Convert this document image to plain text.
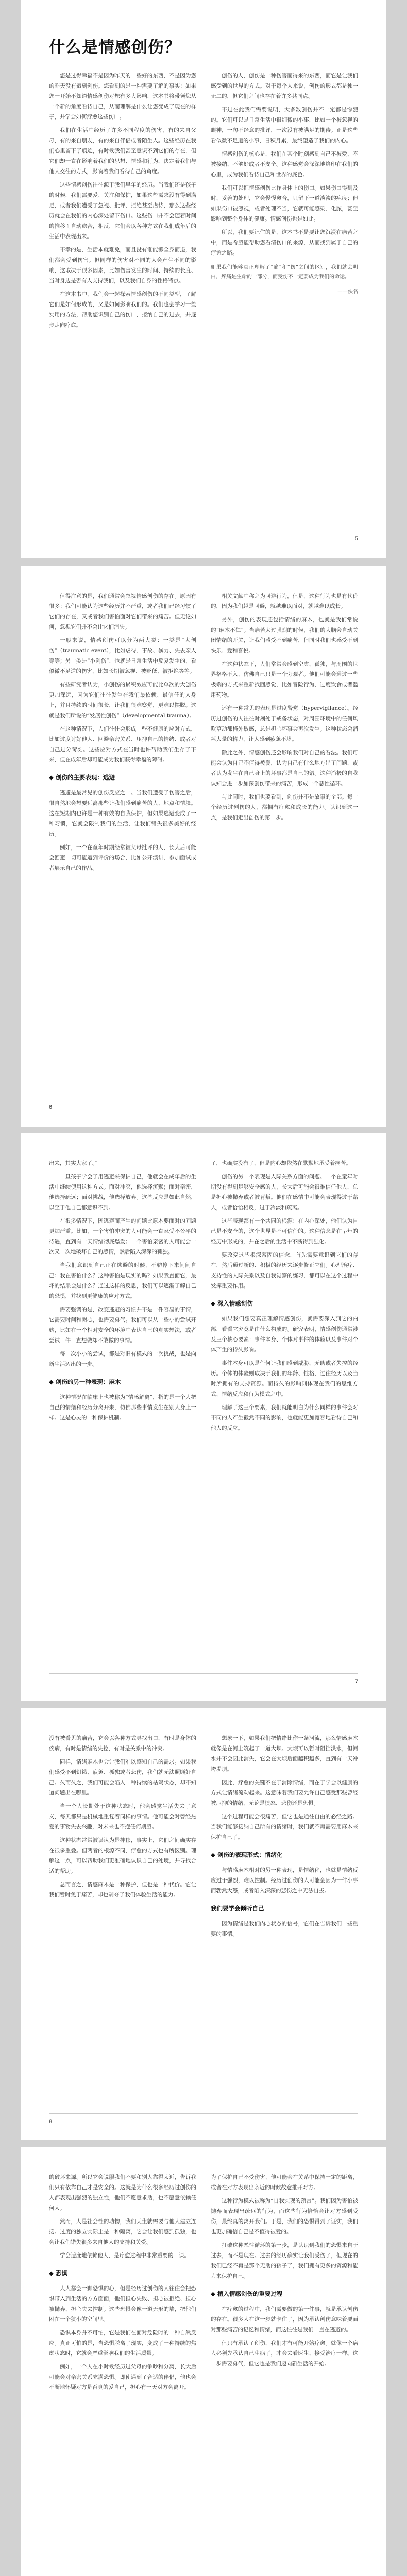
什么是情感创伤？

您是过得幸福不是因为昨天的一些好的东西，不是因为您的昨天没有遭到创伤。您看到的是一种需要了解的事实：如果您一开始不知道情感创伤对您有多大影响，这本书将带领您从一个新的角度看待自己，从而理解是什么让您变成了现在的样子，并学会如何疗愈这些伤口。

我们在生活中经历了许多不同程度的伤害，有的来自父母，有的来自朋友，有的来自伴侣或者陌生人。这些经历在我们心里留下了痕迹，有时候我们甚至意识不到它们的存在，但它们却一直在影响着我们的思想、情感和行为，决定着我们与他人交往的方式，影响着我们看待自己的角度。

这些情感创伤往往源于我们早年的经历。当我们还是孩子的时候，我们需要爱、关注和保护，如果这些需求没有得到满足，或者我们遭受了忽视、批评、拒绝甚至虐待，那么这些经历就会在我们的内心深处留下伤口。这些伤口并不会随着时间的推移而自动愈合，相反，它们会以各种方式在我们成年后的生活中表现出来。

不幸的是，生活本就难免，而且没有谁能够全身而退，我们都会受到伤害。但同样的伤害对不同的人会产生不同的影响，这取决于很多因素，比如伤害发生的时间、持续的长度、当时身边是否有人支持我们，以及我们自身的性格特点。

在这本书中，我们会一起探索情感创伤的不同类型，了解它们是如何形成的，又是如何影响我们的。我们也会学习一些实用的方法，帮助您识别自己的伤口，接纳自己的过去，并逐步走向疗愈。

创伤的人，创伤是一种伤害而得来的东西，而它是让我们感受到的世界的方式。对于每个人来说，创伤的形式都是独一无二的，但它们之间也存在着许多共同点。

不过在此我们需要说明，大多数创伤并不一定都是惨烈的。它们可以是日常生活中很细微的小事，比如一个被忽视的眼神，一句不经意的批评，一次没有被满足的期待。正是这些看似微不足道的小事，日积月累，最终塑造了我们的内心。

情感创伤的核心是，我们在某个时刻感到自己不被爱、不被接纳、不够好或者不安全。这种感觉会深深地烙印在我们的心里，成为我们看待自己和世界的底色。

我们可以把情感创伤比作身体上的伤口。如果伤口得到及时、妥善的处理，它会慢慢愈合，只留下一道淡淡的疤痕；但如果伤口被忽视，或者处理不当，它就可能感染、化脓，甚至影响到整个身体的健康。情感创伤也是如此。

所以，我们要记住的是，这本书不是要让您沉浸在痛苦之中，而是希望能帮助您看清伤口的来源，从而找到属于自己的疗愈之路。

如果我们能够真正理解了“痛”和“伤”之间的区别，我们就会明白，疼痛是生命的一部分，而受伤不一定要成为我们的命运。
——佚名
5

值得注意的是，我们通常会忽视情感创伤的存在。原因有很多：我们可能认为这些经历并不严重，或者我们已经习惯了它们的存在，又或者我们害怕面对它们带来的痛苦。但无论如何，忽视它们并不会让它们消失。

一般来说，情感创伤可以分为两大类：一类是“大创伤”（traumatic event），比如虐待、事故、暴力、失去亲人等等；另一类是“小创伤”，也就是日常生活中反复发生的、看似微不足道的伤害，比如长期被忽视、被贬低、被拒绝等等。

有些研究者认为，小创伤的累积效应可能比单次的大创伤更加深远，因为它们往往发生在我们最依赖、最信任的人身上，并且持续的时间很长，让我们很难察觉，更难以摆脱。这就是我们所说的“发展性创伤”（developmental trauma）。

在这种情况下，人们往往会形成一些不健康的应对方式，比如过度讨好他人、回避亲密关系、压抑自己的情绪、或者对自己过分苛刻。这些应对方式在当时也许帮助我们生存了下来，但在成年后却可能成为我们获得幸福的障碍。

◆ 创伤的主要表现：逃避

逃避是最常见的创伤反应之一。当我们遭受了伤害之后，很自然地会想要远离那些让我们感到痛苦的人、地点和情境。这在短期内也许是一种有效的自我保护，但如果逃避变成了一种习惯，它就会限制我们的生活，让我们错失很多美好的经历。

例如，一个在童年时期经常被父母批评的人，长大后可能会回避一切可能遭到评价的场合，比如公开演讲、参加面试或者展示自己的作品。

相关文献中称之为回避行为，但是，这种行为也是有代价的，因为我们越是回避，就越难以面对，就越难以成长。

另外，创伤的表现还包括情绪的麻木，也就是我们常说的“麻木不仁”。当痛苦太过强烈的时候，我们的大脑会自动关闭情绪的开关，让我们感受不到痛苦，但同时我们也感受不到快乐、爱和喜悦。

在这种状态下，人们常常会感到空虚、孤独，与周围的世界格格不入，仿佛自己只是一个旁观者。他们可能会通过一些极端的方式来重新找回感觉，比如冒险行为、过度饮食或者滥用药物。

还有一种常见的表现是过度警觉（hypervigilance）。经历过创伤的人往往时刻处于戒备状态，对周围环境中的任何风吹草动都格外敏感，总是担心坏事会再次发生。这种状态会消耗大量的精力，让人感到疲惫不堪。

除此之外，情感创伤还会影响我们对自己的看法。我们可能会认为自己不值得被爱，认为自己有什么地方出了问题，或者认为发生在自己身上的坏事都是自己的错。这种消极的自我认知会进一步加深创伤带来的痛苦，形成一个恶性循环。

与此同时，我们也要看到，创伤并不是故事的全部。每一个经历过创伤的人，都拥有疗愈和成长的能力。认识到这一点，是我们走出创伤的第一步。

6

出来，其实大家了。”

一旦孩子学会了用逃避来保护自己，他就会在成年后的生活中继续使用这种方式。面对冲突，他选择沉默；面对亲密，他选择疏远；面对挑战，他选择放弃。这些反应是如此自然，以至于他自己都意识不到。

在很多情况下，因逃避而产生的问题比原本要面对的问题更加严重。比如，一个害怕冲突的人可能会一直忍受不公平的待遇，直到有一天情绪彻底爆发；一个害怕亲密的人可能会一次又一次地破坏自己的感情，然后陷入深深的孤独。

当我们意识到自己正在逃避的时候，不妨停下来问问自己：我在害怕什么？这种害怕是现实的吗？如果我直面它，最坏的结果会是什么？通过这样的反思，我们可以逐渐了解自己的恐惧，并找到更健康的应对方式。

需要强调的是，改变逃避的习惯并不是一件容易的事情，它需要时间和耐心，也需要勇气。我们可以从一些小的尝试开始，比如在一个相对安全的环境中表达自己的真实想法，或者尝试一件一直想做却不敢做的事情。

每一次小小的尝试，都是对旧有模式的一次挑战，也是向新生活迈出的一步。

◆ 创伤的另一种表现：麻木

这种情况在临床上也被称为“情感解离”，指的是一个人把自己的情绪和经历分离开来，仿佛那些事情发生在别人身上一样。这是心灵的一种保护机制。

了，也确实没有了，但是内心却依然在默默地承受着痛苦。

创伤的另一个表现是人际关系方面的问题。一个在童年时期没有得到足够安全感的人，长大后可能会很难信任他人，总是担心被抛弃或者被背叛。他们在感情中可能会表现得过于黏人，或者恰恰相反，过于冷淡和疏离。

这些表现都有一个共同的根源：在内心深处，他们认为自己是不安全的，这个世界是不可信任的。这种信念是在早年的经历中形成的，并在之后的生活中不断得到强化。

要改变这些根深蒂固的信念，首先需要意识到它们的存在，然后通过新的、积极的经历来逐步修正它们。心理治疗、支持性的人际关系以及自我觉察的练习，都可以在这个过程中发挥重要作用。

◆ 深入情感创伤

如果我们想要真正理解情感创伤，就需要深入到它的内部，看看它究竟是由什么构成的。研究表明，情感创伤通常涉及三个核心要素：事件本身、个体对事件的体验以及事件对个体产生的持久影响。

事件本身可以是任何让我们感到威胁、无助或者失控的经历。个体的体验则取决于我们的年龄、性格、过往经历以及当时所拥有的支持资源。而持久的影响则体现在我们的思维方式、情绪反应和行为模式之中。

理解了这三个要素，我们就能明白为什么同样的事件会对不同的人产生截然不同的影响，也就能更加宽容地看待自己和他人的反应。

7

没有被看见的痛苦，它会以各种方式寻找出口，有时是身体的疾病，有时是情绪的失控，有时是关系中的冲突。

同样，情绪麻木也会让我们难以感知自己的需求。如果我们感受不到饥饿、疲惫、孤独或者悲伤，我们就无法照顾好自己。久而久之，我们可能会陷入一种持续的枯竭状态，却不知道问题出在哪里。

当一个人长期处于这种状态时，他会感觉生活失去了意义，每天都只是机械地重复着同样的事情。他可能会对曾经热爱的事物失去兴趣，对未来也不抱任何期望。

这种状态常常被误认为是抑郁，事实上，它们之间确实存在很多重叠。但两者的根源不同，疗愈的方式也有所区别。理解这一点，可以帮助我们更准确地认识自己的处境，并寻找合适的帮助。

总而言之，情感麻木是一种保护，但也是一种代价。它让我们暂时免于痛苦，却也剥夺了我们体验生活的能力。

想象一下，如果我们把情绪比作一条河流，那么情感麻木就像是在河上筑起了一道大坝。大坝可以暂时阻挡洪水，但河水并不会因此消失，它会在大坝后面越积越多，直到有一天冲垮堤坝。

因此，疗愈的关键不在于消除情绪，而在于学会以健康的方式让情绪流动起来。这意味着我们要允许自己感受那些曾经被压抑的情绪，无论是愤怒、悲伤还是恐惧。

这个过程可能会很痛苦，但它也是通往自由的必经之路。当我们能够接纳自己所有的情绪时，我们就不再需要用麻木来保护自己了。

◆ 创伤的表现形式：情绪化

与情感麻木相对的另一种表现，是情绪化，也就是情绪反应过于强烈，难以控制。经历过创伤的人可能会因为一件小事而勃然大怒，或者陷入深深的悲伤之中无法自拔。

我们要学会倾听自己

因为情绪是我们内心状态的信号，它们在告诉我们一些重要的事情。

8

的破坏来源。所以它会说服我们不要和别人靠得太近，告诉我们只有依靠自己才是安全的。这就是为什么很多经历过创伤的人都表现出强烈的独立性，他们不愿意求助，也不愿意依赖任何人。

然而，人是社会性的动物，我们天生就需要与他人建立连接。过度的独立实际上是一种隔离，它会让我们感到孤独，也会让我们错失很多来自他人的支持和关爱。

学会适度地依赖他人，是疗愈过程中非常重要的一课。

◆ 恐惧

人人都会一颗恐惧的心，但是经历过创伤的人往往会把恐惧带入到生活的方方面面，他们担心失败、担心被拒绝、担心被抛弃、担心失去控制。这些恐惧会像一道无形的墙，把他们困在一个狭小的空间里。

恐惧本身并不可怕，它是我们在面对危险时的一种自然反应。真正可怕的是，当恐惧脱离了现实，变成了一种持续的焦虑状态时，它就会严重影响我们的生活质量。

例如，一个人在小时候经历过父母的争吵和分离，长大后可能会对亲密关系充满恐惧。即使遇到了合适的伴侣，他也会不断地怀疑对方是否真的爱自己，担心有一天对方会离开。

为了保护自己不受伤害，他可能会在关系中保持一定的距离，或者在对方表现出亲近的时候故意推开对方。

这种行为模式被称为“自我实现的预言”。我们因为害怕被抛弃而表现出疏远的行为，而这些行为恰恰会让对方感到受伤，最终真的离开我们。于是，我们的恐惧得到了证实，我们也更加确信自己是不值得被爱的。

打破这种恶性循环的第一步，是认识到我们的恐惧来自于过去，而不是现在。过去的经历确实让我们受伤了，但现在的我们已经不再是那个无助的孩子了，我们拥有更多的资源和能力来保护自己。

◆ 植入情感创伤的重要过程

在疗愈的过程中，我们需要做的第一件事，就是承认创伤的存在。很多人在这一步就卡住了，因为承认创伤意味着要面对那些痛苦的记忆和情绪，而这往往是我们一直在逃避的。

但只有承认了创伤，我们才有可能开始疗愈。就像一个病人必须先承认自己生病了，才会去看医生、接受治疗一样。这一步需要勇气，但它也是我们迈向新生活的开始。
